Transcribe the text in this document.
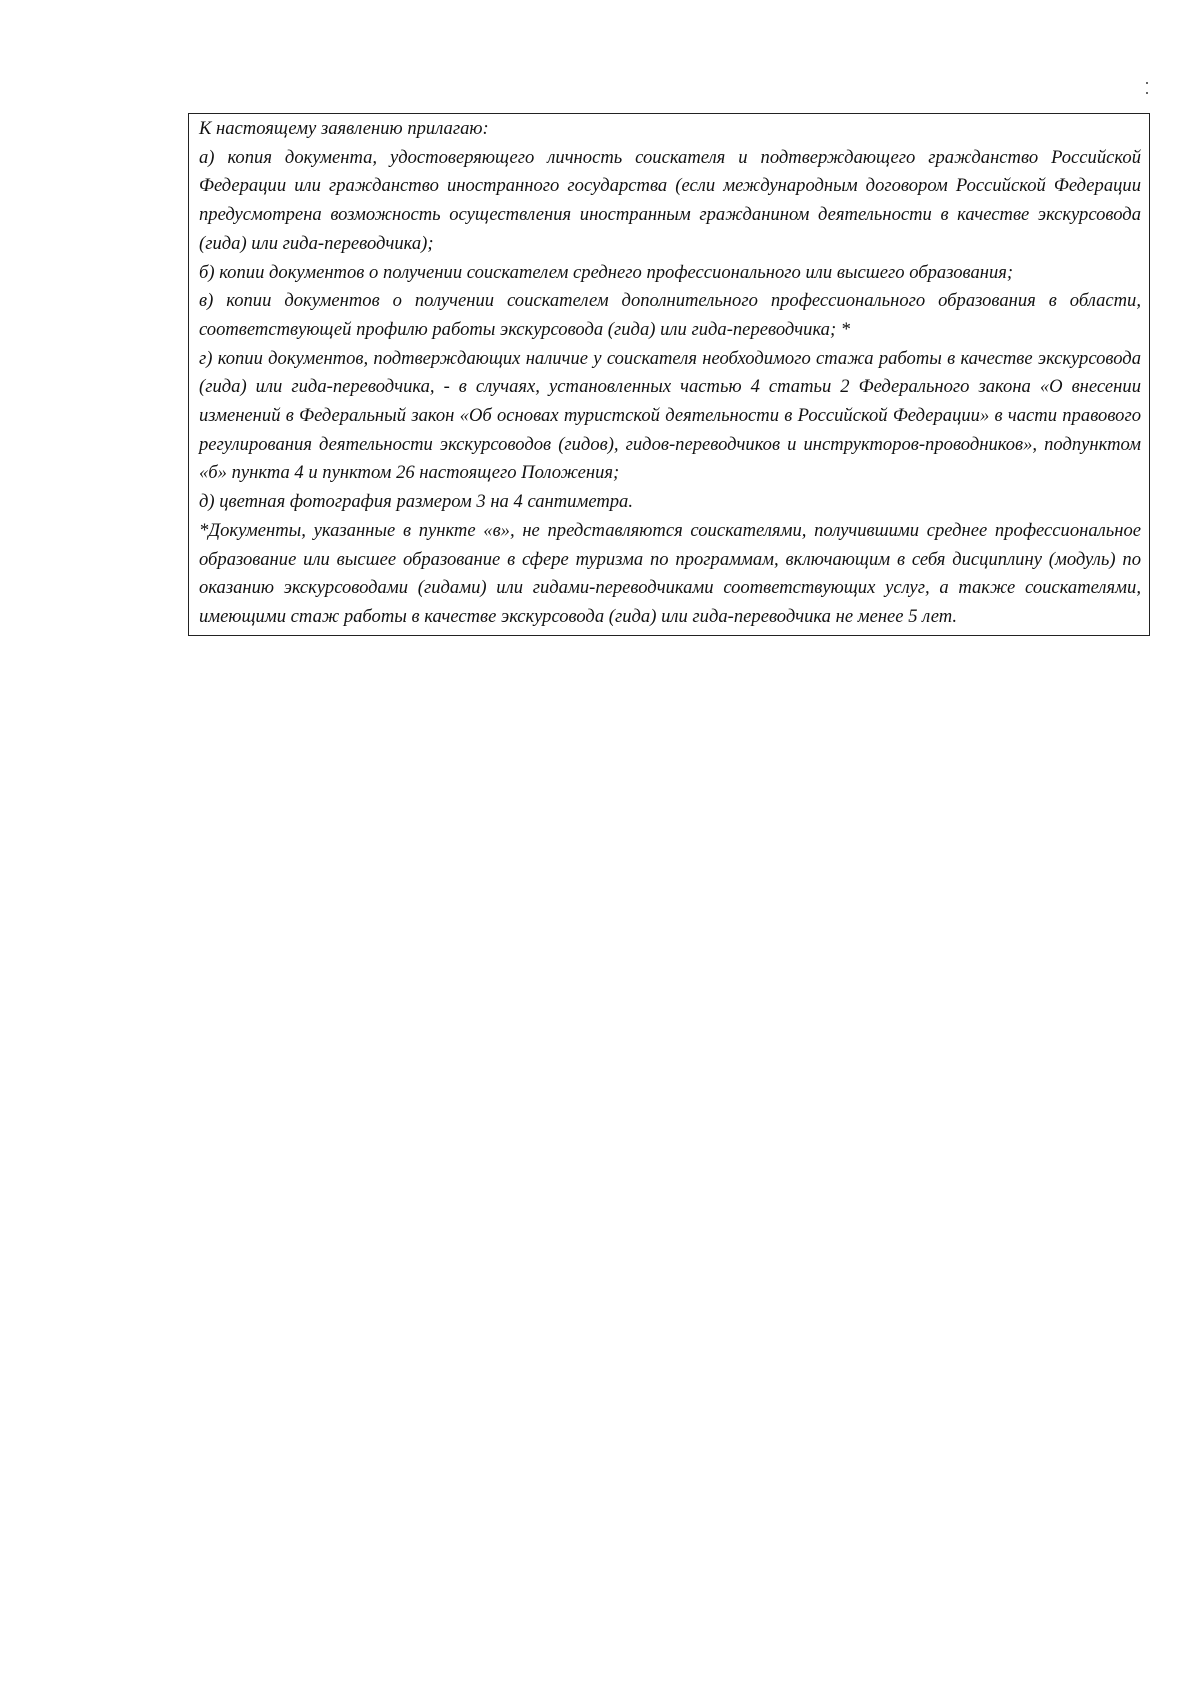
К настоящему заявлению прилагаю:

а) копия документа, удостоверяющего личность соискателя и подтверждающего гражданство Российской Федерации или гражданство иностранного государства (если международным договором Российской Федерации предусмотрена возможность осуществления иностранным гражданином деятельности в качестве экскурсовода (гида) или гида-переводчика);

б) копии документов о получении соискателем среднего профессионального или высшего образования;

в) копии документов о получении соискателем дополнительного профессионального образования в области, соответствующей профилю работы экскурсовода (гида) или гида-переводчика; *

г) копии документов, подтверждающих наличие у соискателя необходимого стажа работы в качестве экскурсовода (гида) или гида-переводчика, - в случаях, установленных частью 4 статьи 2 Федерального закона «О внесении изменений в Федеральный закон «Об основах туристской деятельности в Российской Федерации» в части правового регулирования деятельности экскурсоводов (гидов), гидов-переводчиков и инструкторов-проводников», подпунктом «б» пункта 4 и пунктом 26 настоящего Положения;

д) цветная фотография размером 3 на 4 сантиметра.

*Документы, указанные в пункте «в», не представляются соискателями, получившими среднее профессиональное образование или высшее образование в сфере туризма по программам, включающим в себя дисциплину (модуль) по оказанию экскурсоводами (гидами) или гидами-переводчиками соответствующих услуг, а также соискателями, имеющими стаж работы в качестве экскурсовода (гида) или гида-переводчика не менее 5 лет.
